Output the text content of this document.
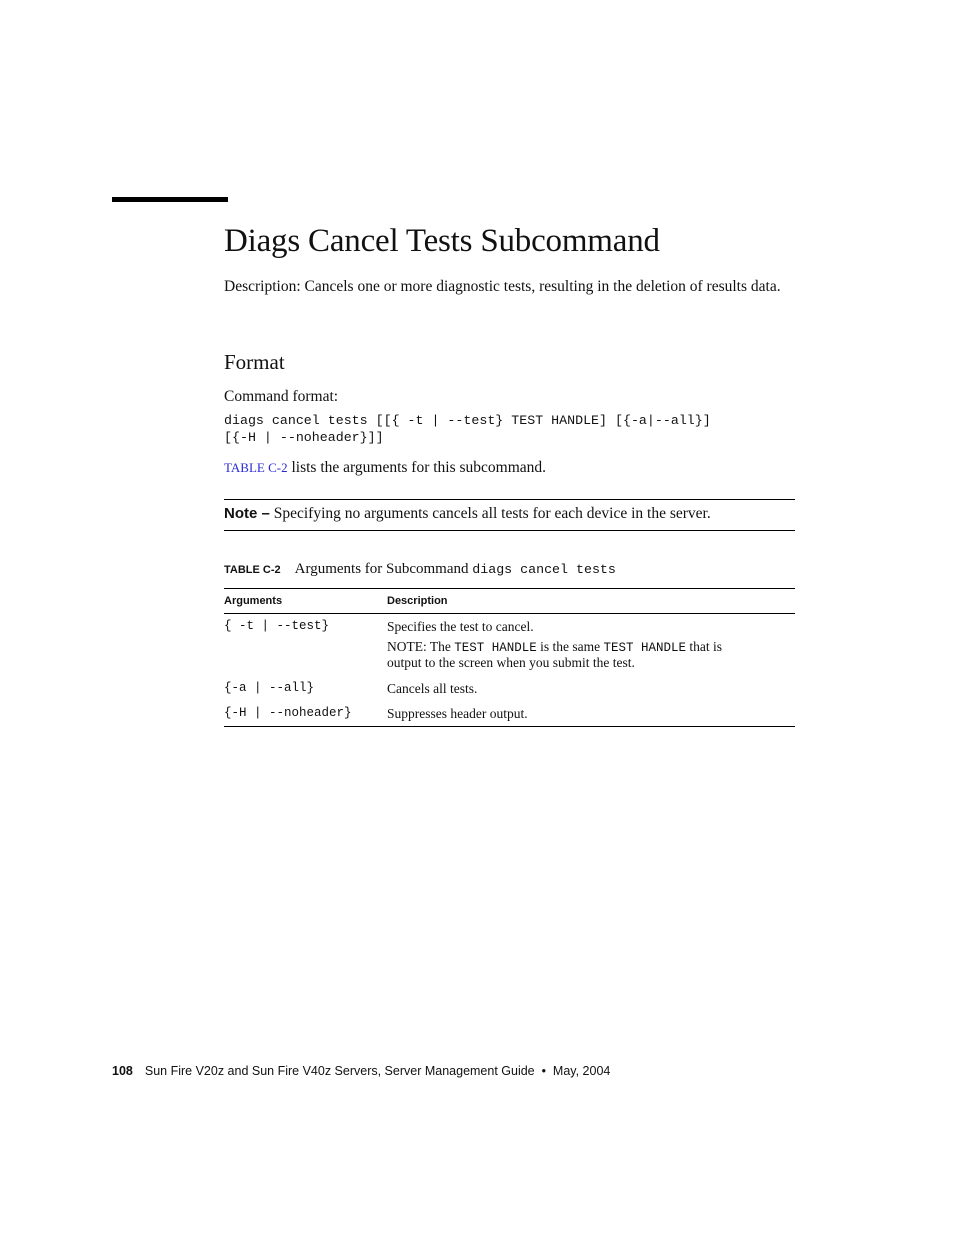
Diags Cancel Tests Subcommand

Description: Cancels one or more diagnostic tests, resulting in the deletion of results data.

Format

Command format:

diags cancel tests [[{ -t | --test} TEST HANDLE] [{-a|--all}]
[{-H | --noheader}]]

TABLE C-2 lists the arguments for this subcommand.

Note – Specifying no arguments cancels all tests for each device in the server.
TABLE C-2 Arguments for Subcommand diags cancel tests
Arguments	Description
{ -t | --test}	Specifies the test to cancel.
NOTE: The TEST HANDLE is the same TEST HANDLE that is
output to the screen when you submit the test.
{-a | --all}	Cancels all tests.
{-H | --noheader}	Suppresses header output.
108 Sun Fire V20z and Sun Fire V40z Servers, Server Management Guide  •  May, 2004
